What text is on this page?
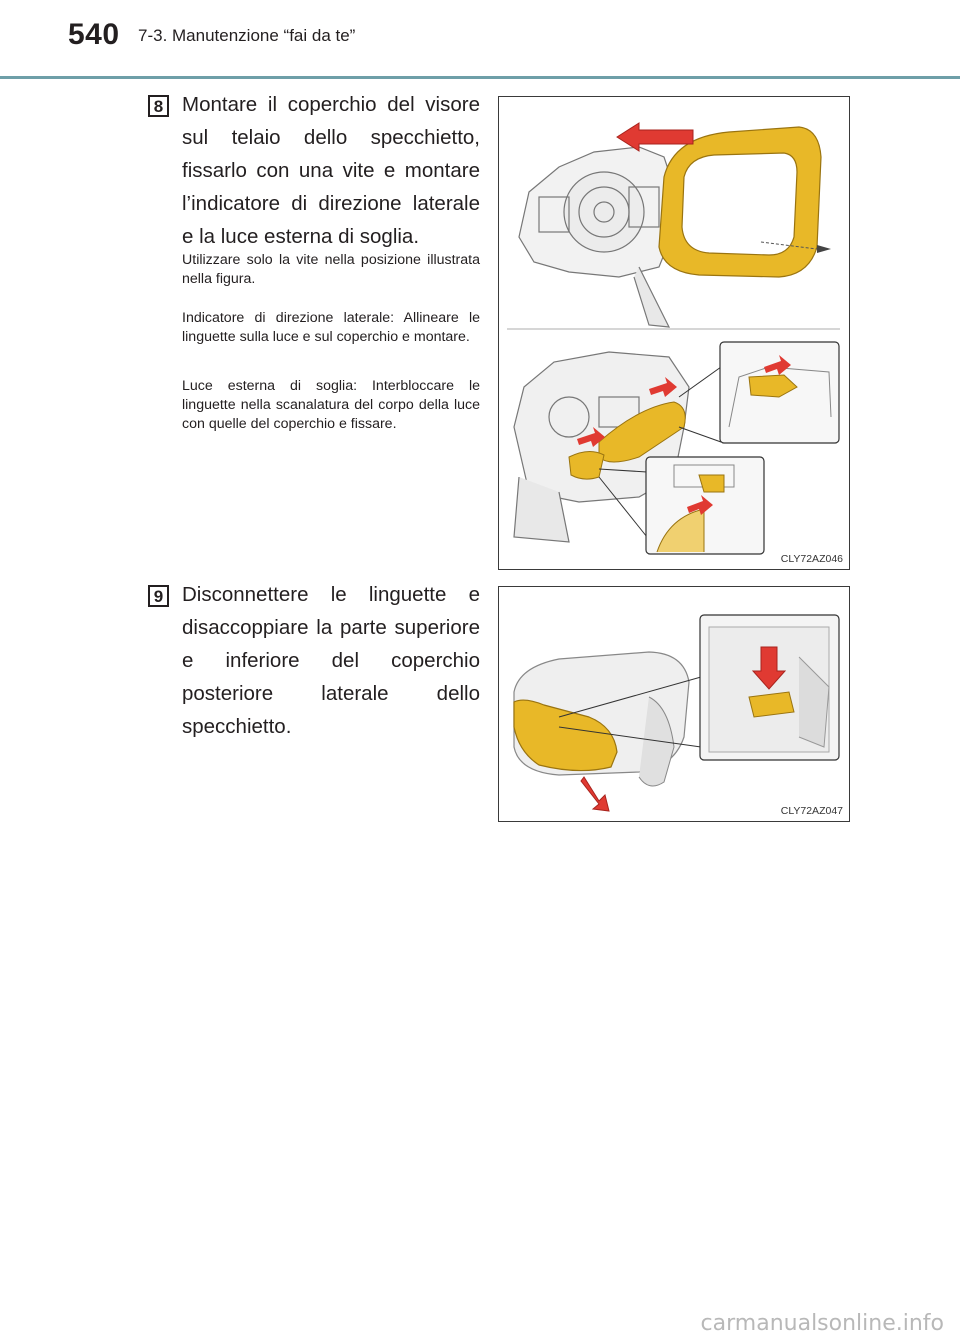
540 7-3. Manutenzione “fai da te”
8 Montare il coperchio del visore sul telaio dello specchietto, fissarlo con una vite e montare l’indicatore di direzione laterale e la luce esterna di soglia.
Utilizzare solo la vite nella posizione illustrata nella figura.
Indicatore di direzione laterale: Allineare le linguette sulla luce e sul coperchio e montare.
Luce esterna di soglia: Interbloccare le linguette nella scanalatura del corpo della luce con quelle del coperchio e fissare.
CLY72AZ046
9 Disconnettere le linguette e disaccoppiare la parte superiore e inferiore del coperchio posteriore laterale dello specchietto.
CLY72AZ047
carmanualsonline.info
